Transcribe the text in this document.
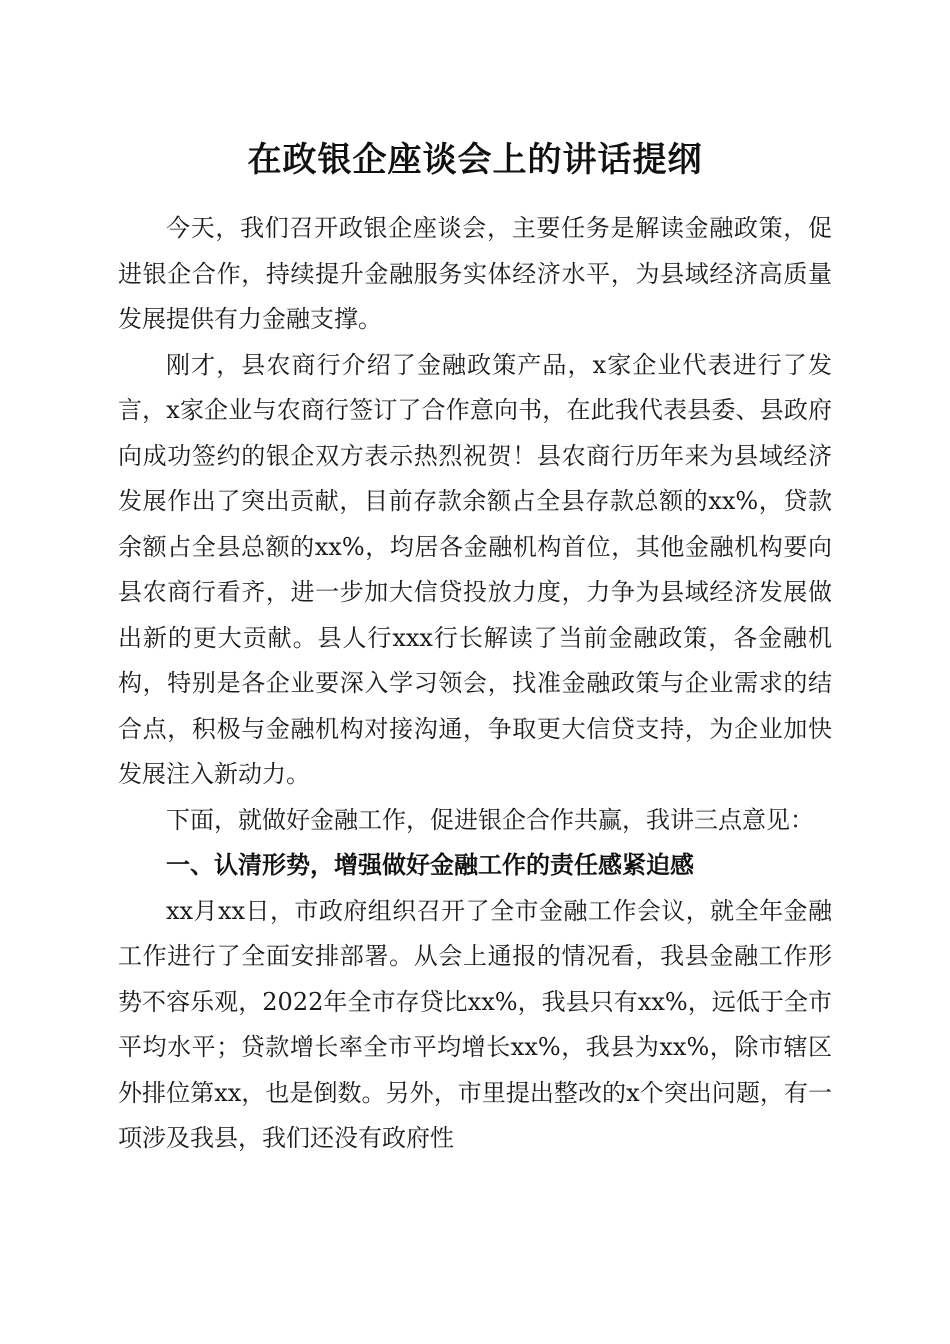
在政银企座谈会上的讲话提纲

今天，我们召开政银企座谈会，主要任务是解读金融政策，促进银企合作，持续提升金融服务实体经济水平，为县域经济高质量发展提供有力金融支撑。

刚才，县农商行介绍了金融政策产品，x家企业代表进行了发言，x家企业与农商行签订了合作意向书，在此我代表县委、县政府向成功签约的银企双方表示热烈祝贺！县农商行历年来为县域经济发展作出了突出贡献，目前存款余额占全县存款总额的xx%，贷款余额占全县总额的xx%，均居各金融机构首位，其他金融机构要向县农商行看齐，进一步加大信贷投放力度，力争为县域经济发展做出新的更大贡献。县人行xxx行长解读了当前金融政策，各金融机构，特别是各企业要深入学习领会，找准金融政策与企业需求的结合点，积极与金融机构对接沟通，争取更大信贷支持，为企业加快发展注入新动力。

下面，就做好金融工作，促进银企合作共赢，我讲三点意见：

一、认清形势，增强做好金融工作的责任感紧迫感

xx月xx日，市政府组织召开了全市金融工作会议，就全年金融工作进行了全面安排部署。从会上通报的情况看，我县金融工作形势不容乐观，2022年全市存贷比xx%，我县只有xx%，远低于全市平均水平；贷款增长率全市平均增长xx%，我县为xx%，除市辖区外排位第xx，也是倒数。另外，市里提出整改的x个突出问题，有一项涉及我县，我们还没有政府性
